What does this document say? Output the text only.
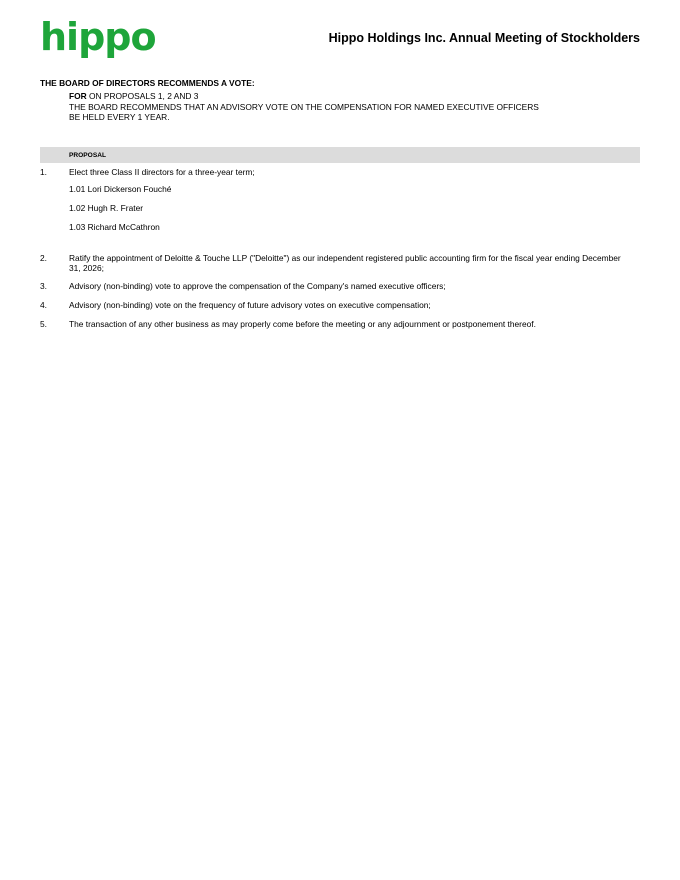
hippo	Hippo Holdings Inc. Annual Meeting of Stockholders
THE BOARD OF DIRECTORS RECOMMENDS A VOTE:
FOR ON PROPOSALS 1, 2 AND 3
THE BOARD RECOMMENDS THAT AN ADVISORY VOTE ON THE COMPENSATION FOR NAMED EXECUTIVE OFFICERS
BE HELD EVERY 1 YEAR.
PROPOSAL
1.	Elect three Class II directors for a three-year term;
1.01 Lori Dickerson Fouché
1.02 Hugh R. Frater
1.03 Richard McCathron
2.	Ratify the appointment of Deloitte & Touche LLP ("Deloitte") as our independent registered public accounting firm for the fiscal year ending December 31, 2026;
3.	Advisory (non-binding) vote to approve the compensation of the Company's named executive officers;
4.	Advisory (non-binding) vote on the frequency of future advisory votes on executive compensation;
5.	The transaction of any other business as may properly come before the meeting or any adjournment or postponement thereof.
